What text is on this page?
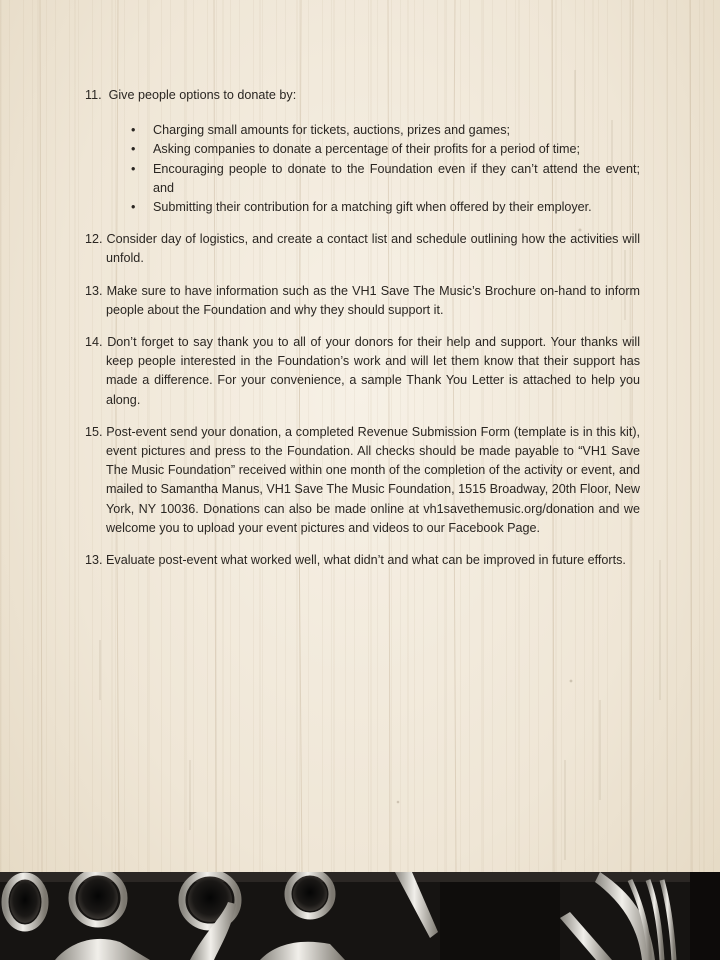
11. Give people options to donate by:

• Charging small amounts for tickets, auctions, prizes and games;
• Asking companies to donate a percentage of their profits for a period of time;
• Encouraging people to donate to the Foundation even if they can’t attend the event; and
• Submitting their contribution for a matching gift when offered by their employer.

12. Consider day of logistics, and create a contact list and schedule outlining how the activities will unfold.

13. Make sure to have information such as the VH1 Save The Music’s Brochure on-hand to inform people about the Foundation and why they should support it.

14. Don’t forget to say thank you to all of your donors for their help and support. Your thanks will keep people interested in the Foundation’s work and will let them know that their support has made a difference. For your convenience, a sample Thank You Letter is attached to help you along.

15. Post-event send your donation, a completed Revenue Submission Form (template is in this kit), event pictures and press to the Foundation. All checks should be made payable to “VH1 Save The Music Foundation” received within one month of the completion of the activity or event, and mailed to Samantha Manus, VH1 Save The Music Foundation, 1515 Broadway, 20th Floor, New York, NY 10036. Donations can also be made online at vh1savethemusic.org/donation and we welcome you to upload your event pictures and videos to our Facebook Page.

13. Evaluate post-event what worked well, what didn’t and what can be improved in future efforts.
